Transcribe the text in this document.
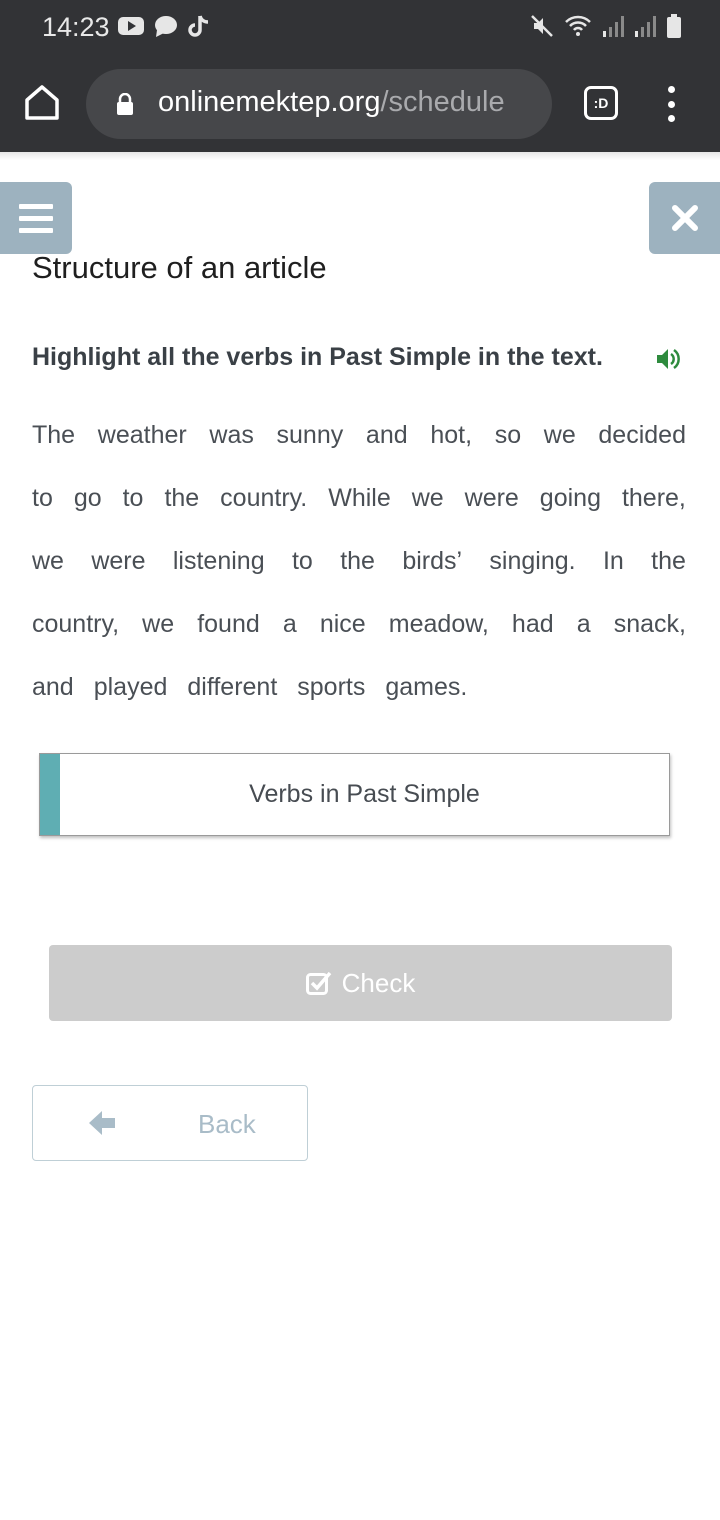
14:23
onlinemektep.org/schedule	:D
Structure of an article
Highlight all the verbs in Past Simple in the text.
The weather was sunny and hot, so we decided
to go to the country. While we were going there,
we were listening to the birds’ singing. In the
country, we found a nice meadow, had a snack,
and played different sports games.
Verbs in Past Simple
Check
Back
